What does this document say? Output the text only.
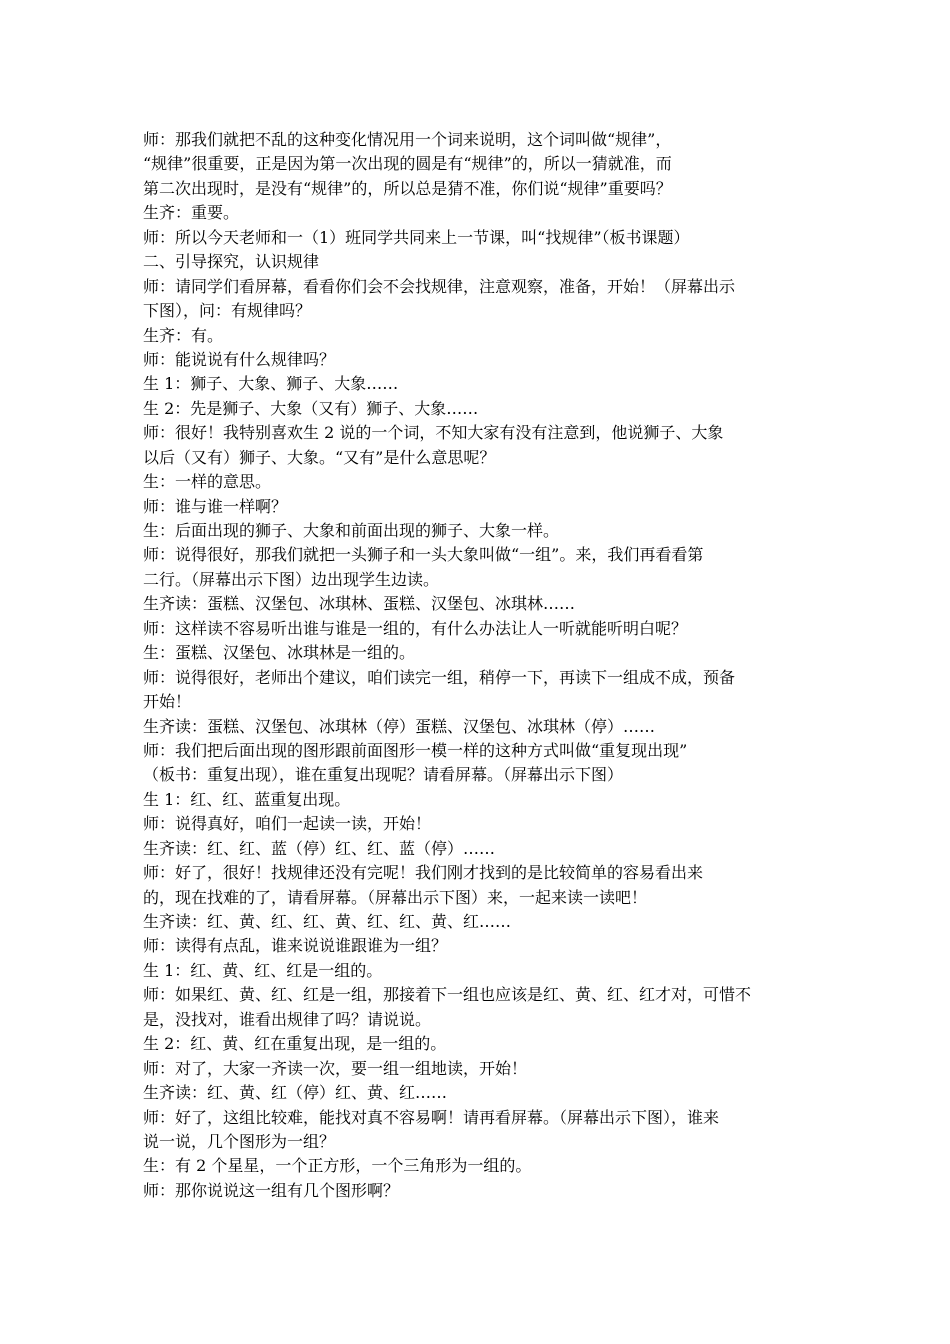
师：那我们就把不乱的这种变化情况用一个词来说明，这个词叫做“规律”，
“规律”很重要，正是因为第一次出现的圆是有“规律”的，所以一猜就准，而
第二次出现时，是没有“规律”的，所以总是猜不准，你们说“规律”重要吗？
生齐：重要。
师：所以今天老师和一（1）班同学共同来上一节课，叫“找规律”（板书课题）
二、引导探究，认识规律
师：请同学们看屏幕，看看你们会不会找规律，注意观察，准备，开始！（屏幕出示
下图），问：有规律吗？
生齐：有。
师：能说说有什么规律吗？
生 1：狮子、大象、狮子、大象……
生 2：先是狮子、大象（又有）狮子、大象……
师：很好！我特别喜欢生 2 说的一个词，不知大家有没有注意到，他说狮子、大象
以后（又有）狮子、大象。“又有”是什么意思呢？
生：一样的意思。
师：谁与谁一样啊？
生：后面出现的狮子、大象和前面出现的狮子、大象一样。
师：说得很好，那我们就把一头狮子和一头大象叫做“一组”。来，我们再看看第
二行。（屏幕出示下图）边出现学生边读。
生齐读：蛋糕、汉堡包、冰琪林、蛋糕、汉堡包、冰琪林……
师：这样读不容易听出谁与谁是一组的，有什么办法让人一听就能听明白呢？
生：蛋糕、汉堡包、冰琪林是一组的。
师：说得很好，老师出个建议，咱们读完一组，稍停一下，再读下一组成不成，预备
开始！
生齐读：蛋糕、汉堡包、冰琪林（停）蛋糕、汉堡包、冰琪林（停）……
师：我们把后面出现的图形跟前面图形一模一样的这种方式叫做“重复现出现”
（板书：重复出现），谁在重复出现呢？请看屏幕。（屏幕出示下图）
生 1：红、红、蓝重复出现。
师：说得真好，咱们一起读一读，开始！
生齐读：红、红、蓝（停）红、红、蓝（停）……
师：好了，很好！找规律还没有完呢！我们刚才找到的是比较简单的容易看出来
的，现在找难的了，请看屏幕。（屏幕出示下图）来，一起来读一读吧！
生齐读：红、黄、红、红、黄、红、红、黄、红……
师：读得有点乱，谁来说说谁跟谁为一组？
生 1：红、黄、红、红是一组的。
师：如果红、黄、红、红是一组，那接着下一组也应该是红、黄、红、红才对，可惜不
是，没找对，谁看出规律了吗？请说说。
生 2：红、黄、红在重复出现，是一组的。
师：对了，大家一齐读一次，要一组一组地读，开始！
生齐读：红、黄、红（停）红、黄、红……
师：好了，这组比较难，能找对真不容易啊！请再看屏幕。（屏幕出示下图），谁来
说一说，几个图形为一组？
生：有 2 个星星，一个正方形，一个三角形为一组的。
师：那你说说这一组有几个图形啊？
